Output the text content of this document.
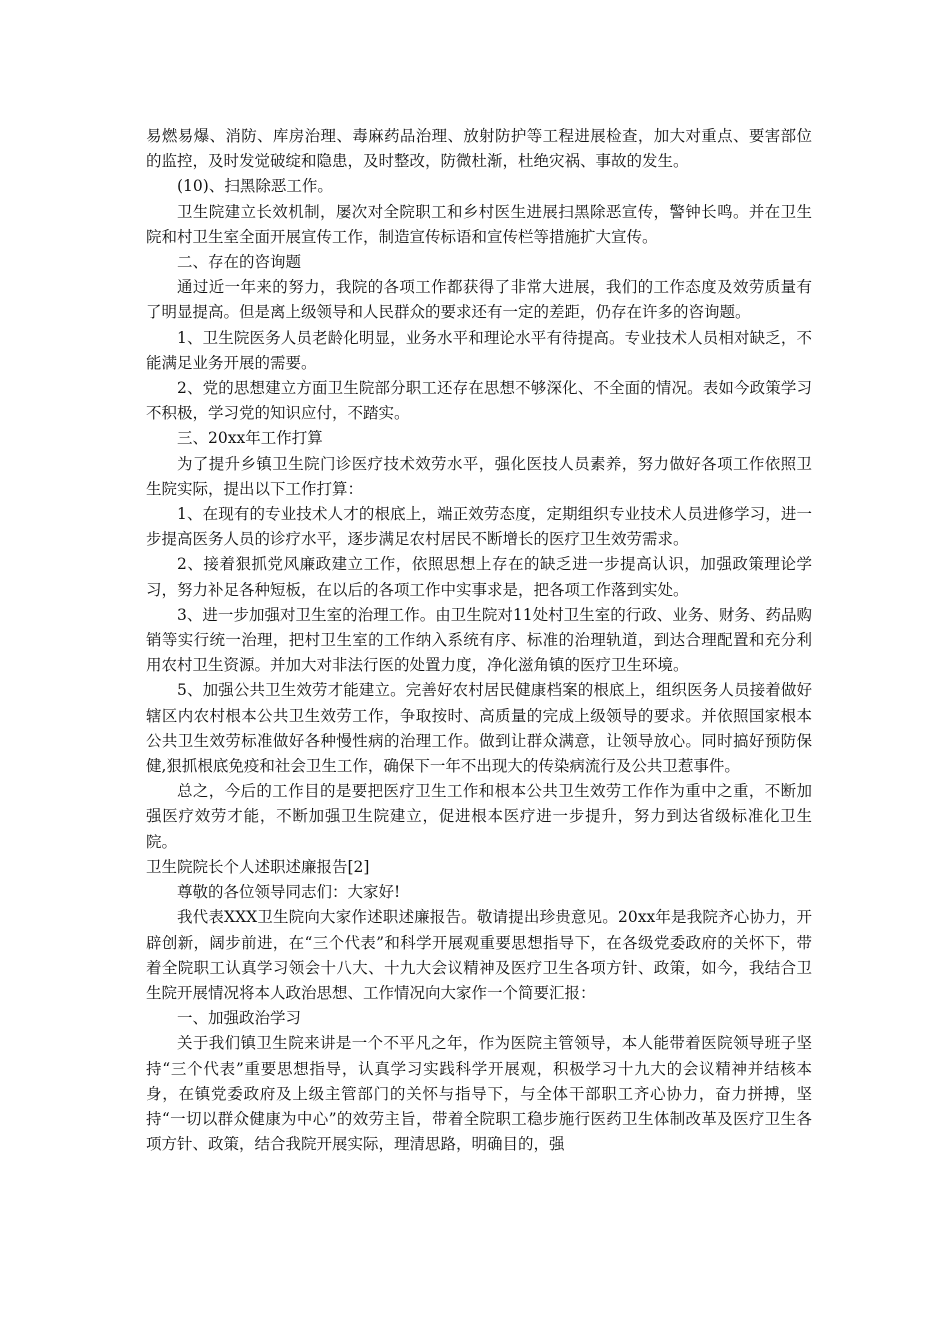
易燃易爆、消防、库房治理、毒麻药品治理、放射防护等工程进展检查，加大对重点、要害部位的监控，及时发觉破绽和隐患，及时整改，防微杜渐，杜绝灾祸、事故的发生。

(10)、扫黑除恶工作。

卫生院建立长效机制，屡次对全院职工和乡村医生进展扫黑除恶宣传，警钟长鸣。并在卫生院和村卫生室全面开展宣传工作，制造宣传标语和宣传栏等措施扩大宣传。

二、存在的咨询题

通过近一年来的努力，我院的各项工作都获得了非常大进展，我们的工作态度及效劳质量有了明显提高。但是离上级领导和人民群众的要求还有一定的差距，仍存在许多的咨询题。

1、卫生院医务人员老龄化明显，业务水平和理论水平有待提高。专业技术人员相对缺乏，不能满足业务开展的需要。

2、党的思想建立方面卫生院部分职工还存在思想不够深化、不全面的情况。表如今政策学习不积极，学习党的知识应付，不踏实。

三、20xx年工作打算

为了提升乡镇卫生院门诊医疗技术效劳水平，强化医技人员素养，努力做好各项工作依照卫生院实际，提出以下工作打算：

1、在现有的专业技术人才的根底上，端正效劳态度，定期组织专业技术人员进修学习，进一步提高医务人员的诊疗水平，逐步满足农村居民不断增长的医疗卫生效劳需求。

2、接着狠抓党风廉政建立工作，依照思想上存在的缺乏进一步提高认识，加强政策理论学习，努力补足各种短板，在以后的各项工作中实事求是，把各项工作落到实处。

3、进一步加强对卫生室的治理工作。由卫生院对11处村卫生室的行政、业务、财务、药品购销等实行统一治理，把村卫生室的工作纳入系统有序、标准的治理轨道，到达合理配置和充分利用农村卫生资源。并加大对非法行医的处置力度，净化滋角镇的医疗卫生环境。

5、加强公共卫生效劳才能建立。完善好农村居民健康档案的根底上，组织医务人员接着做好辖区内农村根本公共卫生效劳工作，争取按时、高质量的完成上级领导的要求。并依照国家根本公共卫生效劳标准做好各种慢性病的治理工作。做到让群众满意，让领导放心。同时搞好预防保健,狠抓根底免疫和社会卫生工作，确保下一年不出现大的传染病流行及公共卫惹事件。

总之，今后的工作目的是要把医疗卫生工作和根本公共卫生效劳工作作为重中之重，不断加强医疗效劳才能，不断加强卫生院建立，促进根本医疗进一步提升，努力到达省级标准化卫生院。

卫生院院长个人述职述廉报告[2]

尊敬的各位领导同志们：大家好!

我代表XXX卫生院向大家作述职述廉报告。敬请提出珍贵意见。20xx年是我院齐心协力，开辟创新，阔步前进，在“三个代表”和科学开展观重要思想指导下，在各级党委政府的关怀下，带着全院职工认真学习领会十八大、十九大会议精神及医疗卫生各项方针、政策，如今，我结合卫生院开展情况将本人政治思想、工作情况向大家作一个简要汇报：

一、加强政治学习

关于我们镇卫生院来讲是一个不平凡之年，作为医院主管领导，本人能带着医院领导班子坚持“三个代表”重要思想指导，认真学习实践科学开展观，积极学习十九大的会议精神并结核本身，在镇党委政府及上级主管部门的关怀与指导下，与全体干部职工齐心协力，奋力拼搏，坚持“一切以群众健康为中心”的效劳主旨，带着全院职工稳步施行医药卫生体制改革及医疗卫生各项方针、政策，结合我院开展实际，理清思路，明确目的，强
